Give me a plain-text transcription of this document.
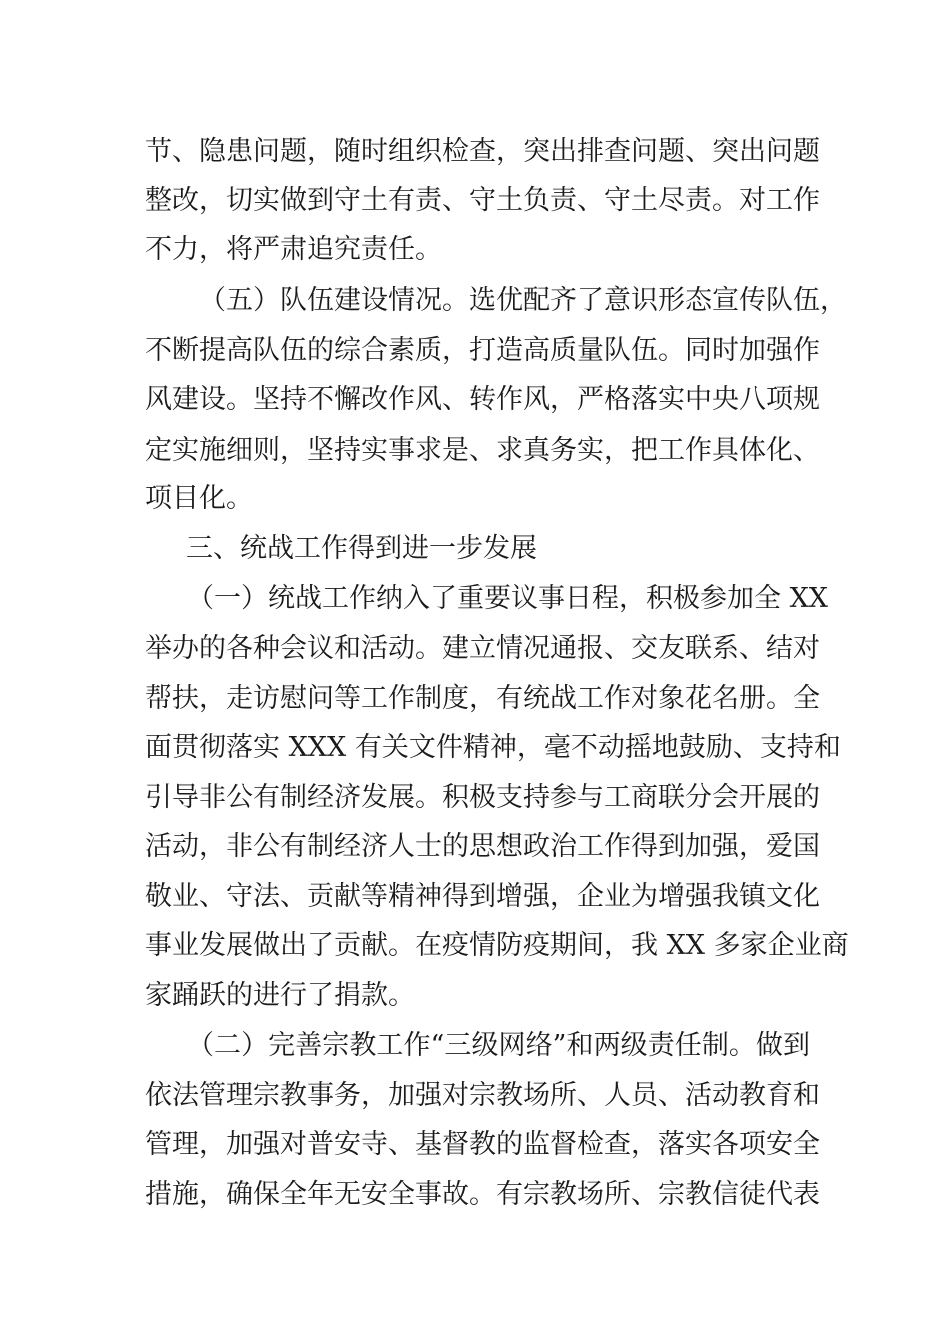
节、隐患问题，随时组织检查，突出排查问题、突出问题
整改，切实做到守土有责、守土负责、守土尽责。对工作
不力，将严肃追究责任。
（五）队伍建设情况。选优配齐了意识形态宣传队伍，
不断提高队伍的综合素质，打造高质量队伍。同时加强作
风建设。坚持不懈改作风、转作风，严格落实中央八项规
定实施细则，坚持实事求是、求真务实，把工作具体化、
项目化。
三、统战工作得到进一步发展
（一）统战工作纳入了重要议事日程，积极参加全 XX
举办的各种会议和活动。建立情况通报、交友联系、结对
帮扶，走访慰问等工作制度，有统战工作对象花名册。全
面贯彻落实 XXX 有关文件精神，毫不动摇地鼓励、支持和
引导非公有制经济发展。积极支持参与工商联分会开展的
活动，非公有制经济人士的思想政治工作得到加强，爱国
敬业、守法、贡献等精神得到增强，企业为增强我镇文化
事业发展做出了贡献。在疫情防疫期间，我 XX 多家企业商
家踊跃的进行了捐款。
（二）完善宗教工作“三级网络”和两级责任制。做到
依法管理宗教事务，加强对宗教场所、人员、活动教育和
管理，加强对普安寺、基督教的监督检查，落实各项安全
措施，确保全年无安全事故。有宗教场所、宗教信徒代表
